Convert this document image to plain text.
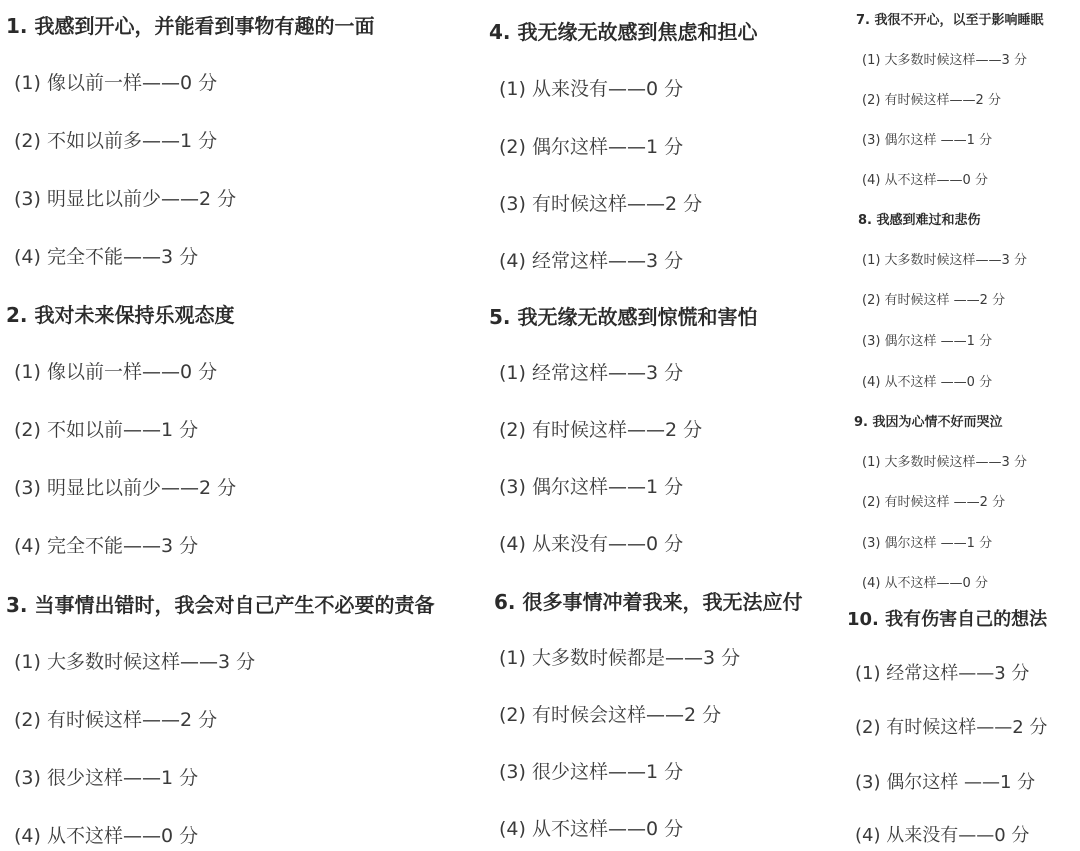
1. 我感到开心，并能看到事物有趣的一面
(1) 像以前一样——0 分
(2) 不如以前多——1 分
(3) 明显比以前少——2 分
(4) 完全不能——3 分
2. 我对未来保持乐观态度
(1) 像以前一样——0 分
(2) 不如以前——1 分
(3) 明显比以前少——2 分
(4) 完全不能——3 分
3. 当事情出错时，我会对自己产生不必要的责备
(1) 大多数时候这样——3 分
(2) 有时候这样——2 分
(3) 很少这样——1 分
(4) 从不这样——0 分
4. 我无缘无故感到焦虑和担心
(1) 从来没有——0 分
(2) 偶尔这样——1 分
(3) 有时候这样——2 分
(4) 经常这样——3 分
5. 我无缘无故感到惊慌和害怕
(1) 经常这样——3 分
(2) 有时候这样——2 分
(3) 偶尔这样——1 分
(4) 从来没有——0 分
6. 很多事情冲着我来，我无法应付
(1) 大多数时候都是——3 分
(2) 有时候会这样——2 分
(3) 很少这样——1 分
(4) 从不这样——0 分
7. 我很不开心，以至于影响睡眠
(1) 大多数时候这样——3 分
(2) 有时候这样——2 分
(3) 偶尔这样 ——1 分
(4) 从不这样——0 分
8. 我感到难过和悲伤
(1) 大多数时候这样——3 分
(2) 有时候这样 ——2 分
(3) 偶尔这样 ——1 分
(4) 从不这样 ——0 分
9. 我因为心情不好而哭泣
(1) 大多数时候这样——3 分
(2) 有时候这样 ——2 分
(3) 偶尔这样 ——1 分
(4) 从不这样——0 分
10. 我有伤害自己的想法
(1) 经常这样——3 分
(2) 有时候这样——2 分
(3) 偶尔这样 ——1 分
(4) 从来没有——0 分
